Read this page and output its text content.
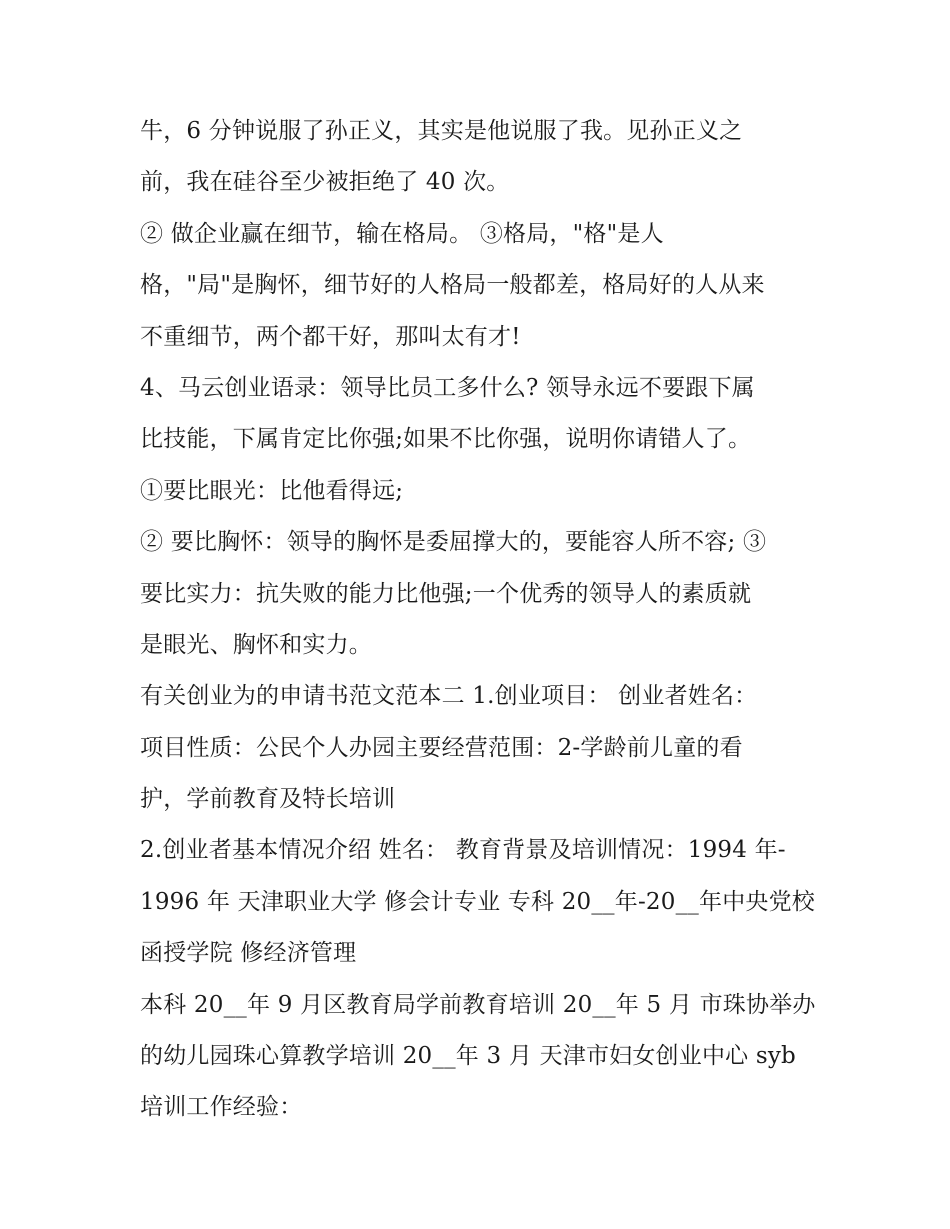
牛，6 分钟说服了孙正义，其实是他说服了我。见孙正义之
前，我在硅谷至少被拒绝了 40 次。
② 做企业赢在细节，输在格局。 ③格局，"格"是人
格，"局"是胸怀，细节好的人格局一般都差，格局好的人从来
不重细节，两个都干好，那叫太有才!
4、马云创业语录：领导比员工多什么? 领导永远不要跟下属
比技能，下属肯定比你强;如果不比你强，说明你请错人了。
①要比眼光：比他看得远;
② 要比胸怀：领导的胸怀是委屈撑大的，要能容人所不容; ③
要比实力：抗失败的能力比他强;一个优秀的领导人的素质就
是眼光、胸怀和实力。
有关创业为的申请书范文范本二 1.创业项目： 创业者姓名：
项目性质：公民个人办园主要经营范围：2-学龄前儿童的看
护，学前教育及特长培训
2.创业者基本情况介绍 姓名： 教育背景及培训情况：1994 年-
1996 年 天津职业大学 修会计专业 专科 20__年-20__年中央党校
函授学院 修经济管理
本科 20__年 9 月区教育局学前教育培训 20__年 5 月 市珠协举办
的幼儿园珠心算教学培训 20__年 3 月 天津市妇女创业中心 syb
培训工作经验：
